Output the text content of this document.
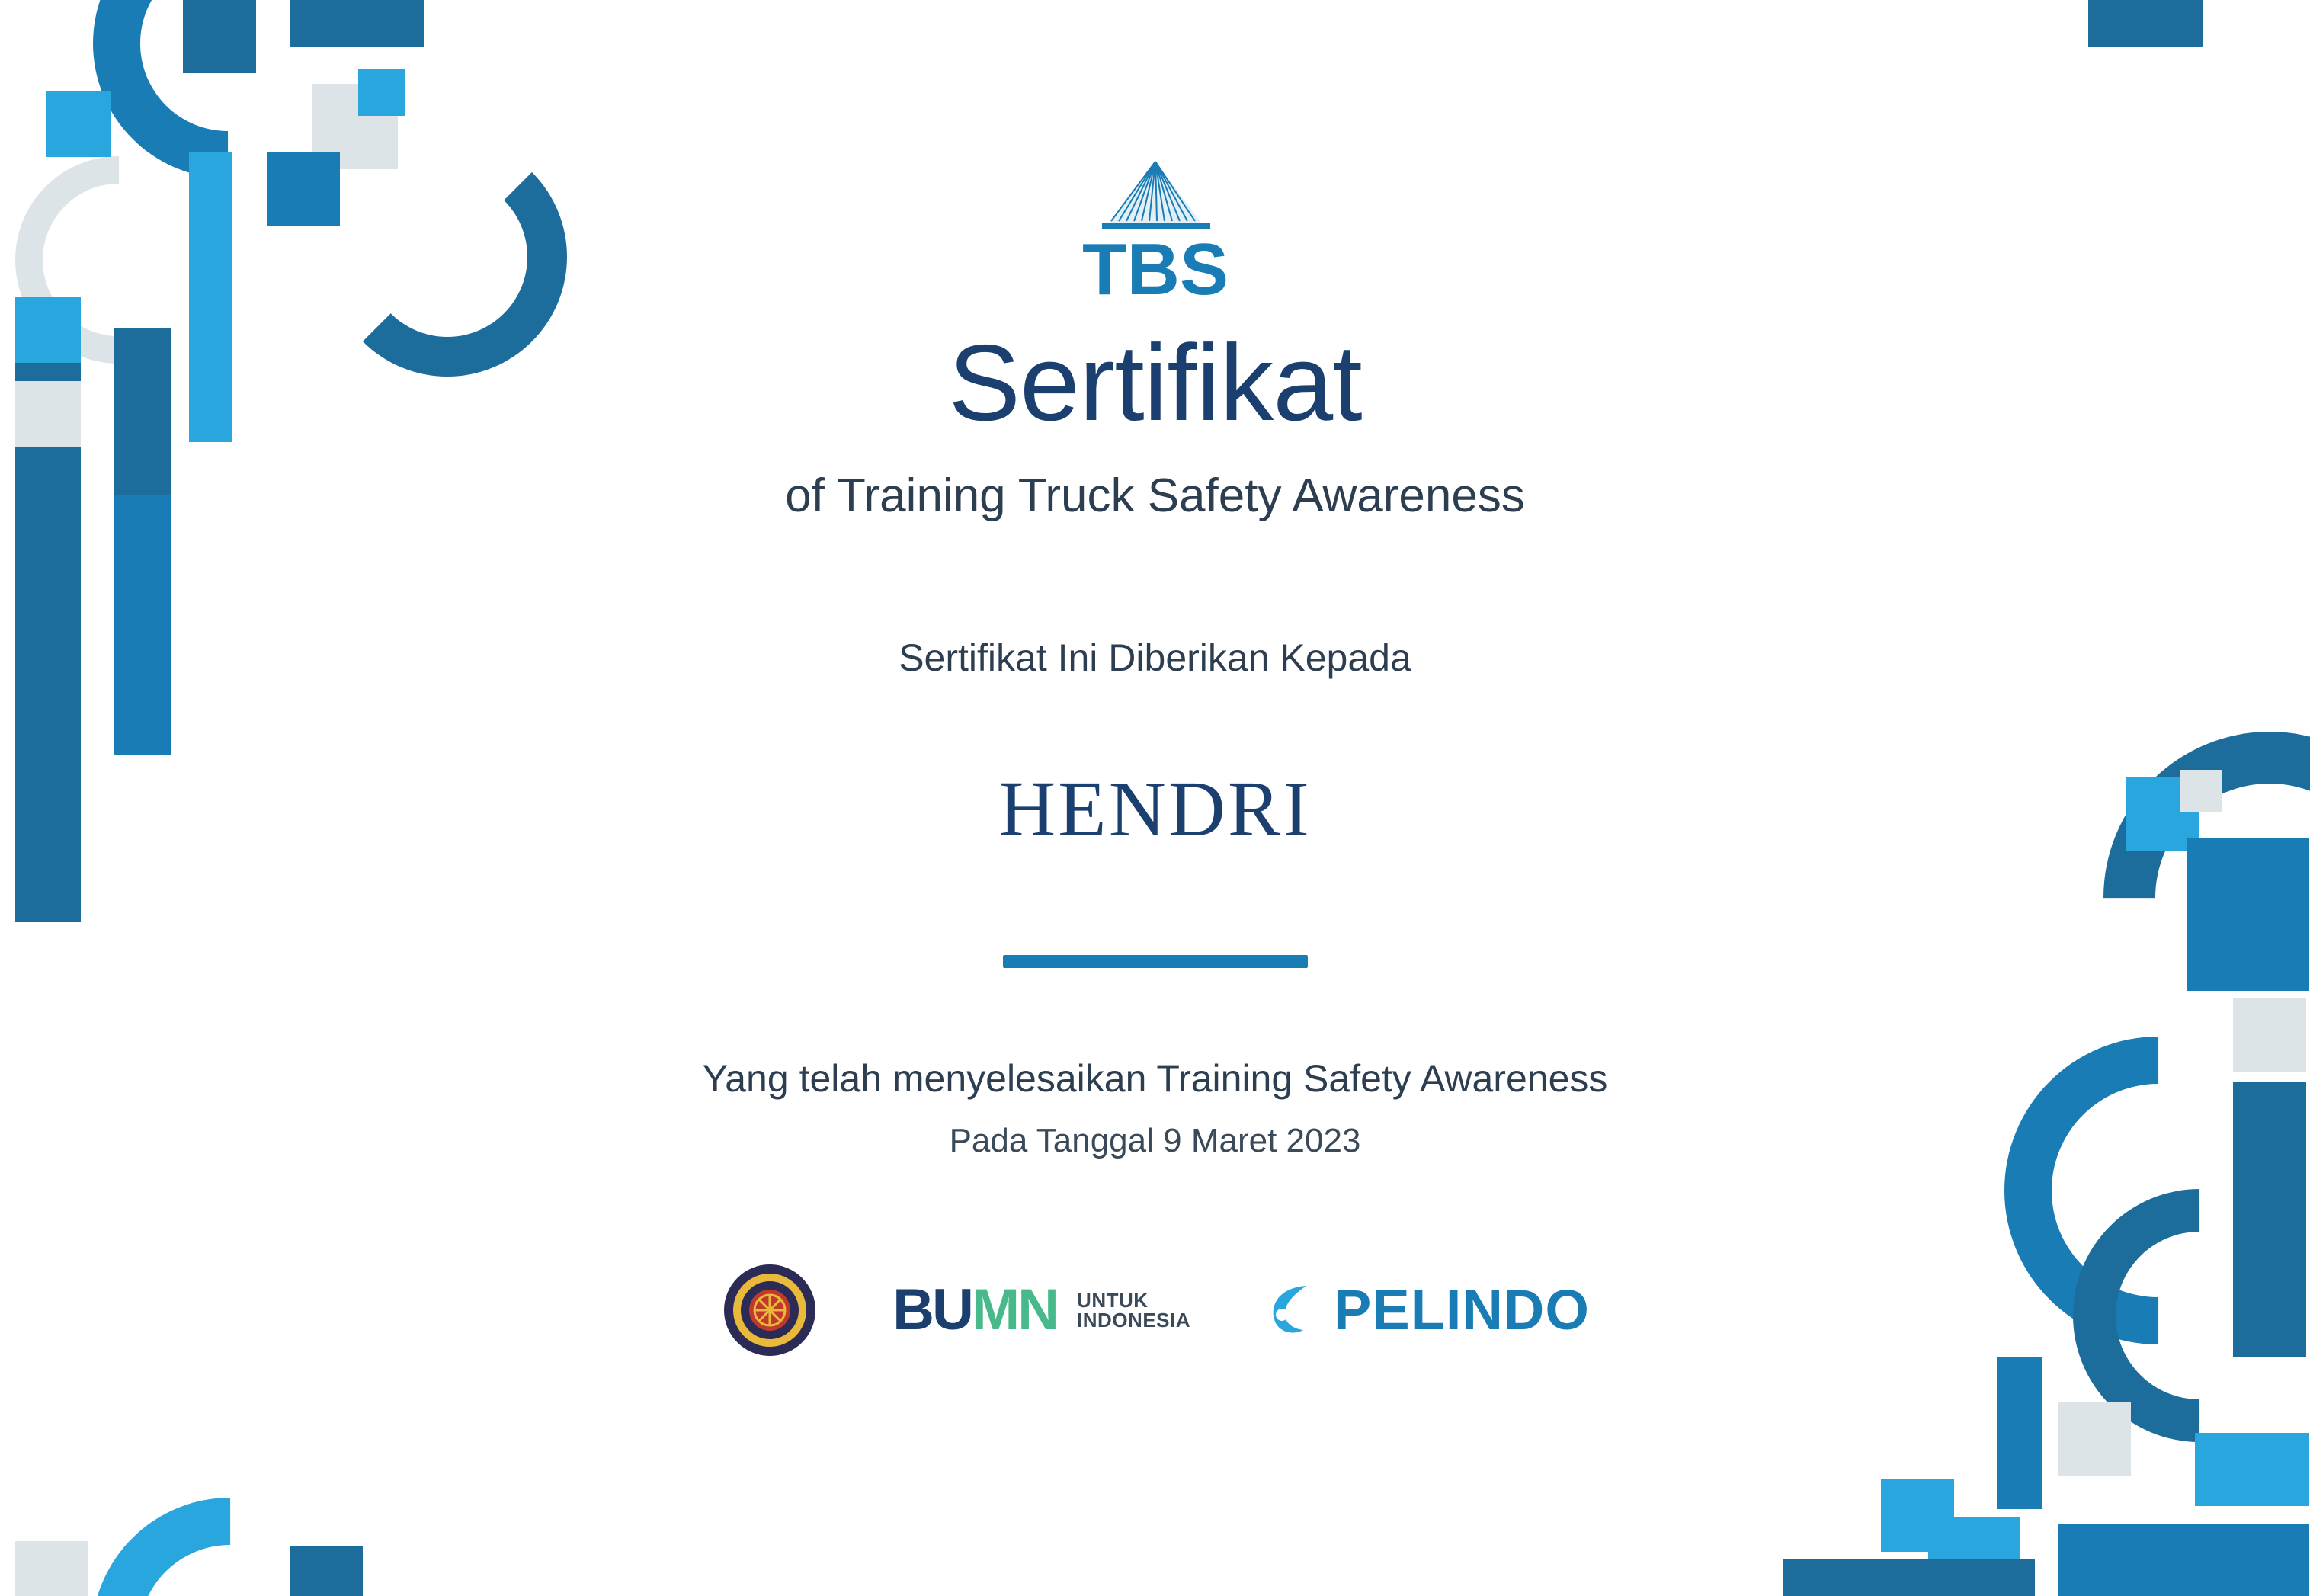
TBS
Sertifikat
of Training Truck Safety Awareness
Sertifikat Ini Diberikan Kepada
HENDRI
Yang telah menyelesaikan Training Safety Awareness
Pada Tanggal 9 Maret 2023
BUMN UNTUK
INDONESIA	PELINDO
